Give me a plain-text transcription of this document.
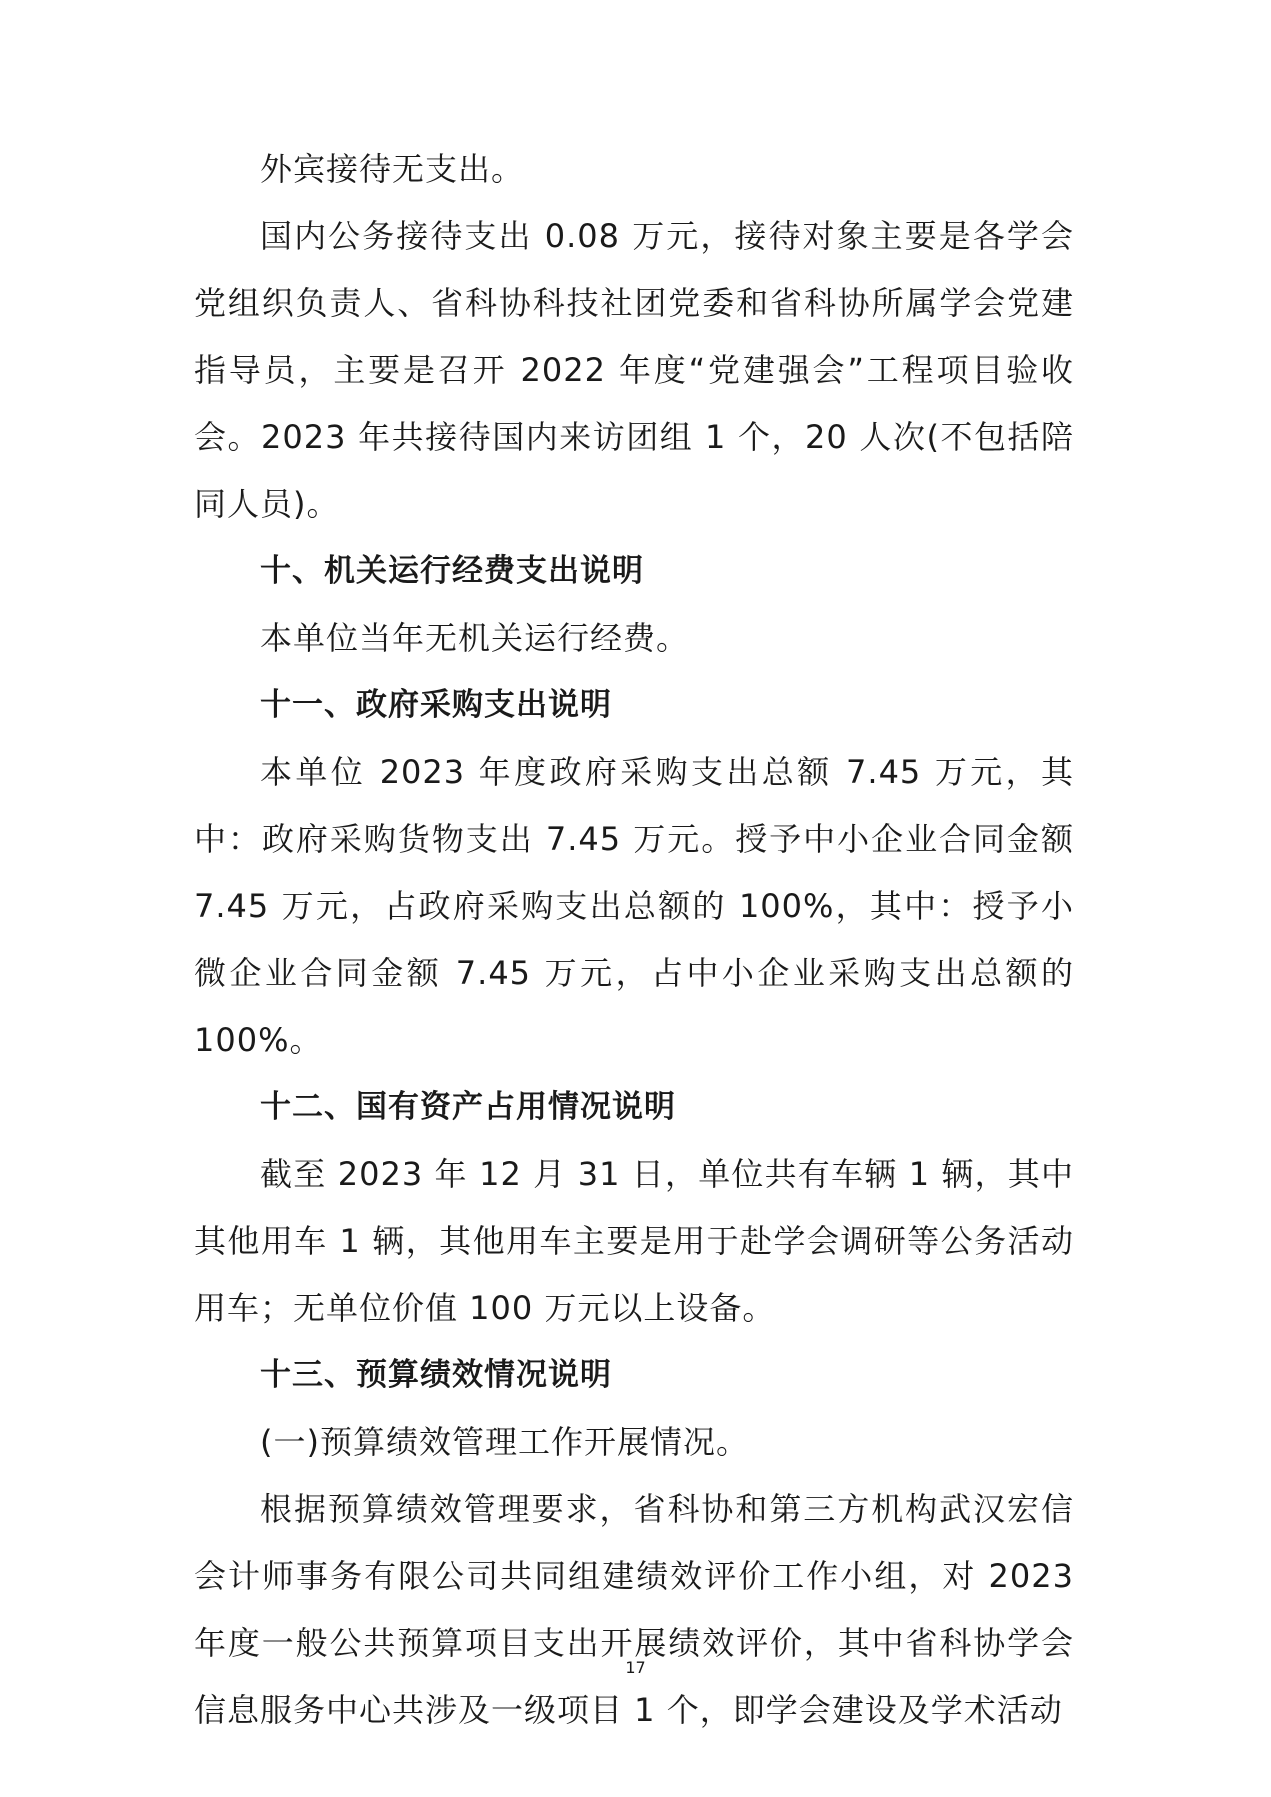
外宾接待无支出。

国内公务接待支出 0.08 万元，接待对象主要是各学会党组织负责人、省科协科技社团党委和省科协所属学会党建指导员，主要是召开 2022 年度“党建强会”工程项目验收会。2023 年共接待国内来访团组 1 个，20 人次(不包括陪同人员)。

十、机关运行经费支出说明

本单位当年无机关运行经费。

十一、政府采购支出说明

本单位 2023 年度政府采购支出总额 7.45 万元，其中：政府采购货物支出 7.45 万元。授予中小企业合同金额 7.45 万元，占政府采购支出总额的 100%，其中：授予小微企业合同金额 7.45 万元，占中小企业采购支出总额的 100%。

十二、国有资产占用情况说明

截至 2023 年 12 月 31 日，单位共有车辆 1 辆，其中其他用车 1 辆，其他用车主要是用于赴学会调研等公务活动用车；无单位价值 100 万元以上设备。

十三、预算绩效情况说明

(一)预算绩效管理工作开展情况。

根据预算绩效管理要求，省科协和第三方机构武汉宏信会计师事务有限公司共同组建绩效评价工作小组，对 2023 年度一般公共预算项目支出开展绩效评价，其中省科协学会信息服务中心共涉及一级项目 1 个，即学会建设及学术活动

17
